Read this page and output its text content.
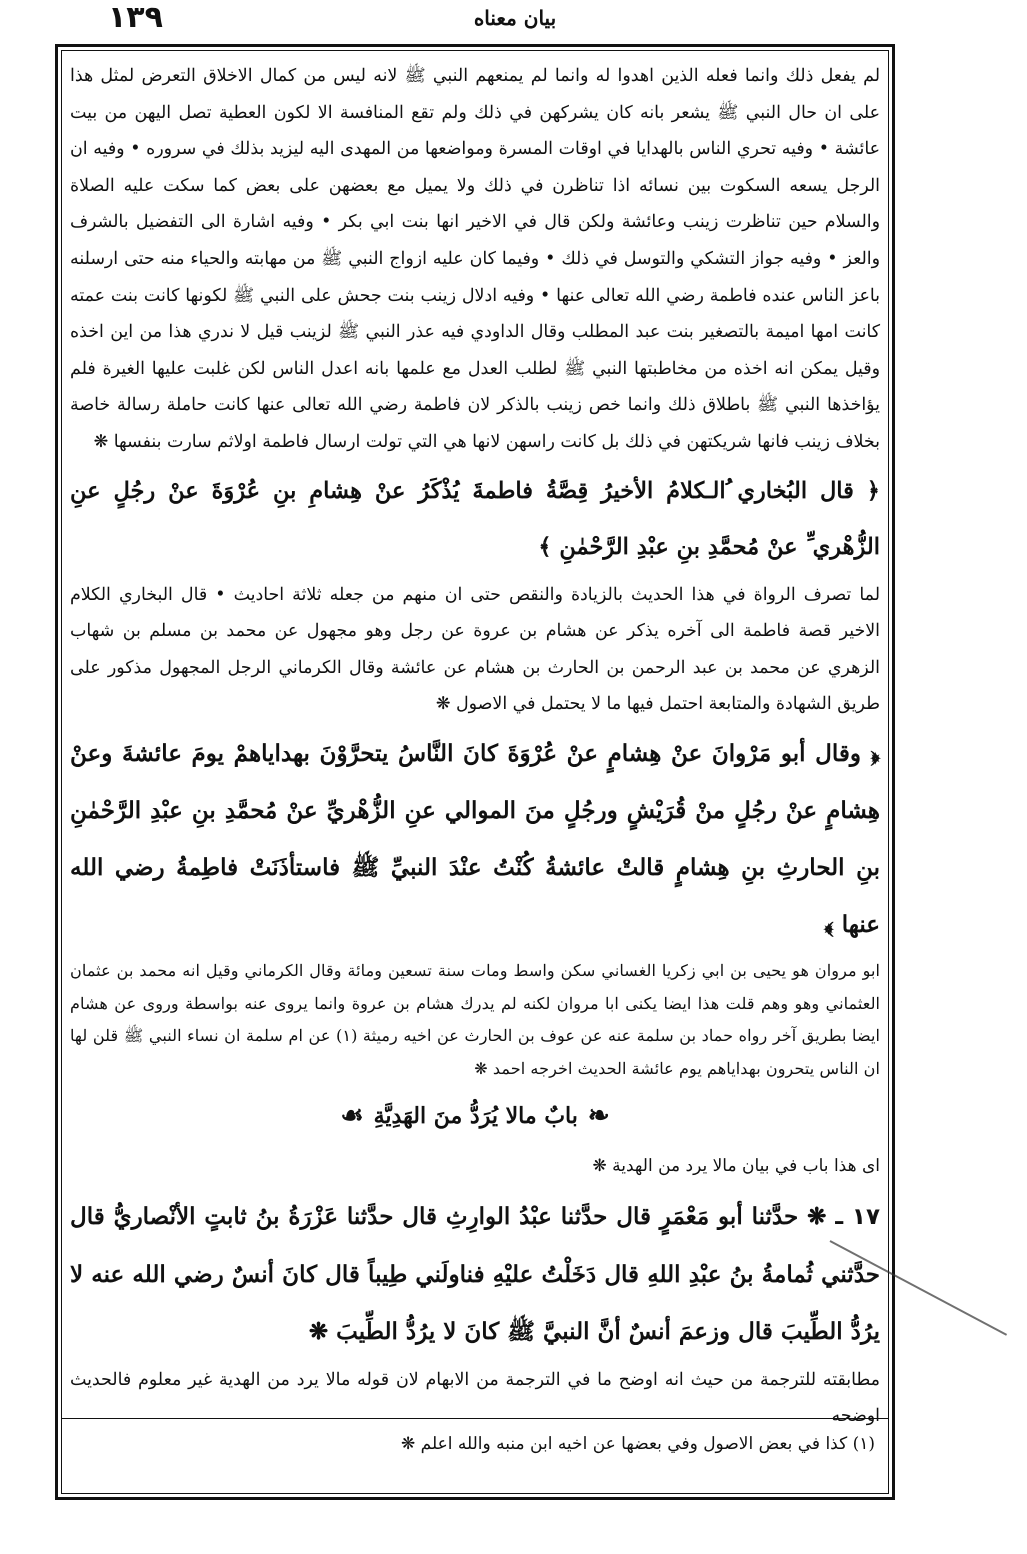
١٣٩	بيان معناه

لم يفعل ذلك وانما فعله الذين اهدوا له وانما لم يمنعهم النبي ﷺ لانه ليس من كمال الاخلاق التعرض لمثل هذا على ان حال النبي ﷺ يشعر بانه كان يشركهن في ذلك ولم تقع المنافسة الا لكون العطية تصل اليهن من بيت عائشة • وفيه تحري الناس بالهدايا في اوقات المسرة ومواضعها من المهدى اليه ليزيد بذلك في سروره • وفيه ان الرجل يسعه السكوت بين نسائه اذا تناظرن في ذلك ولا يميل مع بعضهن على بعض كما سكت عليه الصلاة والسلام حين تناظرت زينب وعائشة ولكن قال في الاخير انها بنت ابي بكر • وفيه اشارة الى التفضيل بالشرف والعز • وفيه جواز التشكي والتوسل في ذلك • وفيما كان عليه ازواج النبي ﷺ من مهابته والحياء منه حتى ارسلنه باعز الناس عنده فاطمة رضي الله تعالى عنها • وفيه ادلال زينب بنت جحش على النبي ﷺ لكونها كانت بنت عمته كانت امها اميمة بالتصغير بنت عبد المطلب وقال الداودي فيه عذر النبي ﷺ لزينب قيل لا ندري هذا من اين اخذه وقيل يمكن انه اخذه من مخاطبتها النبي ﷺ لطلب العدل مع علمها بانه اعدل الناس لكن غلبت عليها الغيرة فلم يؤاخذها النبي ﷺ باطلاق ذلك وانما خص زينب بالذكر لان فاطمة رضي الله تعالى عنها كانت حاملة رسالة خاصة بخلاف زينب فانها شريكتهن في ذلك بل كانت راسهن لانها هي التي تولت ارسال فاطمة اولاثم سارت بنفسها ❋

﴿ قال البُخاري ُالـكلامُ الأخيرُ قِصَّةُ فاطمةَ يُذْكَرُ عنْ هِشامِ بنِ عُرْوَةَ عنْ رجُلٍ عنِ الزُّهْري ِّ عنْ مُحمَّدِ بنِ عبْدِ الرَّحْمٰنِ ﴾

لما تصرف الرواة في هذا الحديث بالزيادة والنقص حتى ان منهم من جعله ثلاثة احاديث • قال البخاري الكلام الاخير قصة فاطمة الى آخره يذكر عن هشام بن عروة عن رجل وهو مجهول عن محمد بن مسلم بن شهاب الزهري عن محمد بن عبد الرحمن بن الحارث بن هشام عن عائشة وقال الكرماني الرجل المجهول مذكور على طريق الشهادة والمتابعة احتمل فيها ما لا يحتمل في الاصول ❋

﴿ وقال أبو مَرْوانَ عنْ هِشامٍ عنْ عُرْوَةَ كانَ النَّاسُ يتحرَّوْنَ بهداياهمْ يومَ عائشةَ وعنْ هِشامٍ عنْ رجُلٍ منْ قُرَيْشٍ ورجُلٍ منَ الموالي عنِ الزُّهْريِّ عنْ مُحمَّدِ بنِ عبْدِ الرَّحْمٰنِ بنِ الحارثِ بنِ هِشامٍ قالتْ عائشةُ كُنْتُ عنْدَ النبيِّ ﷺ فاستأذَنَتْ فاطِمةُ رضي الله عنها ﴾

ابو مروان هو يحيى بن ابي زكريا الغساني سكن واسط ومات سنة تسعين ومائة وقال الكرماني وقيل انه محمد بن عثمان العثماني وهو وهم قلت هذا ايضا يكنى ابا مروان لكنه لم يدرك هشام بن عروة وانما يروى عنه بواسطة وروى عن هشام ايضا بطريق آخر رواه حماد بن سلمة عنه عن عوف بن الحارث عن اخيه رميثة (١) عن ام سلمة ان نساء النبي ﷺ قلن لها ان الناس يتحرون بهداياهم يوم عائشة الحديث اخرجه احمد ❋

❧
بابٌ مالا يُرَدُّ منَ الهَدِيَّةِ
☙

اى هذا باب في بيان مالا يرد من الهدية ❋

١٧ ـ ❋ حدَّثنا أبو مَعْمَرٍ قال حدَّثنا عبْدُ الوارِثِ قال حدَّثنا عَزْرَةُ بنُ ثابتٍ الأنْصاريُّ قال حدَّثني ثُمامةُ بنُ عبْدِ اللهِ قال دَخَلْتُ عليْهِ فناولَني طِيباً قال كانَ أنسٌ رضي الله عنه لا يرُدُّ الطِّيبَ قال وزعمَ أنسٌ أنَّ النبيَّ ﷺ كانَ لا يرُدُّ الطِّيبَ ❋

مطابقته للترجمة من حيث انه اوضح ما في الترجمة من الابهام لان قوله مالا يرد من الهدية غير معلوم فالحديث اوضحه

(١) كذا في بعض الاصول وفي بعضها عن اخيه ابن منبه والله اعلم ❋
